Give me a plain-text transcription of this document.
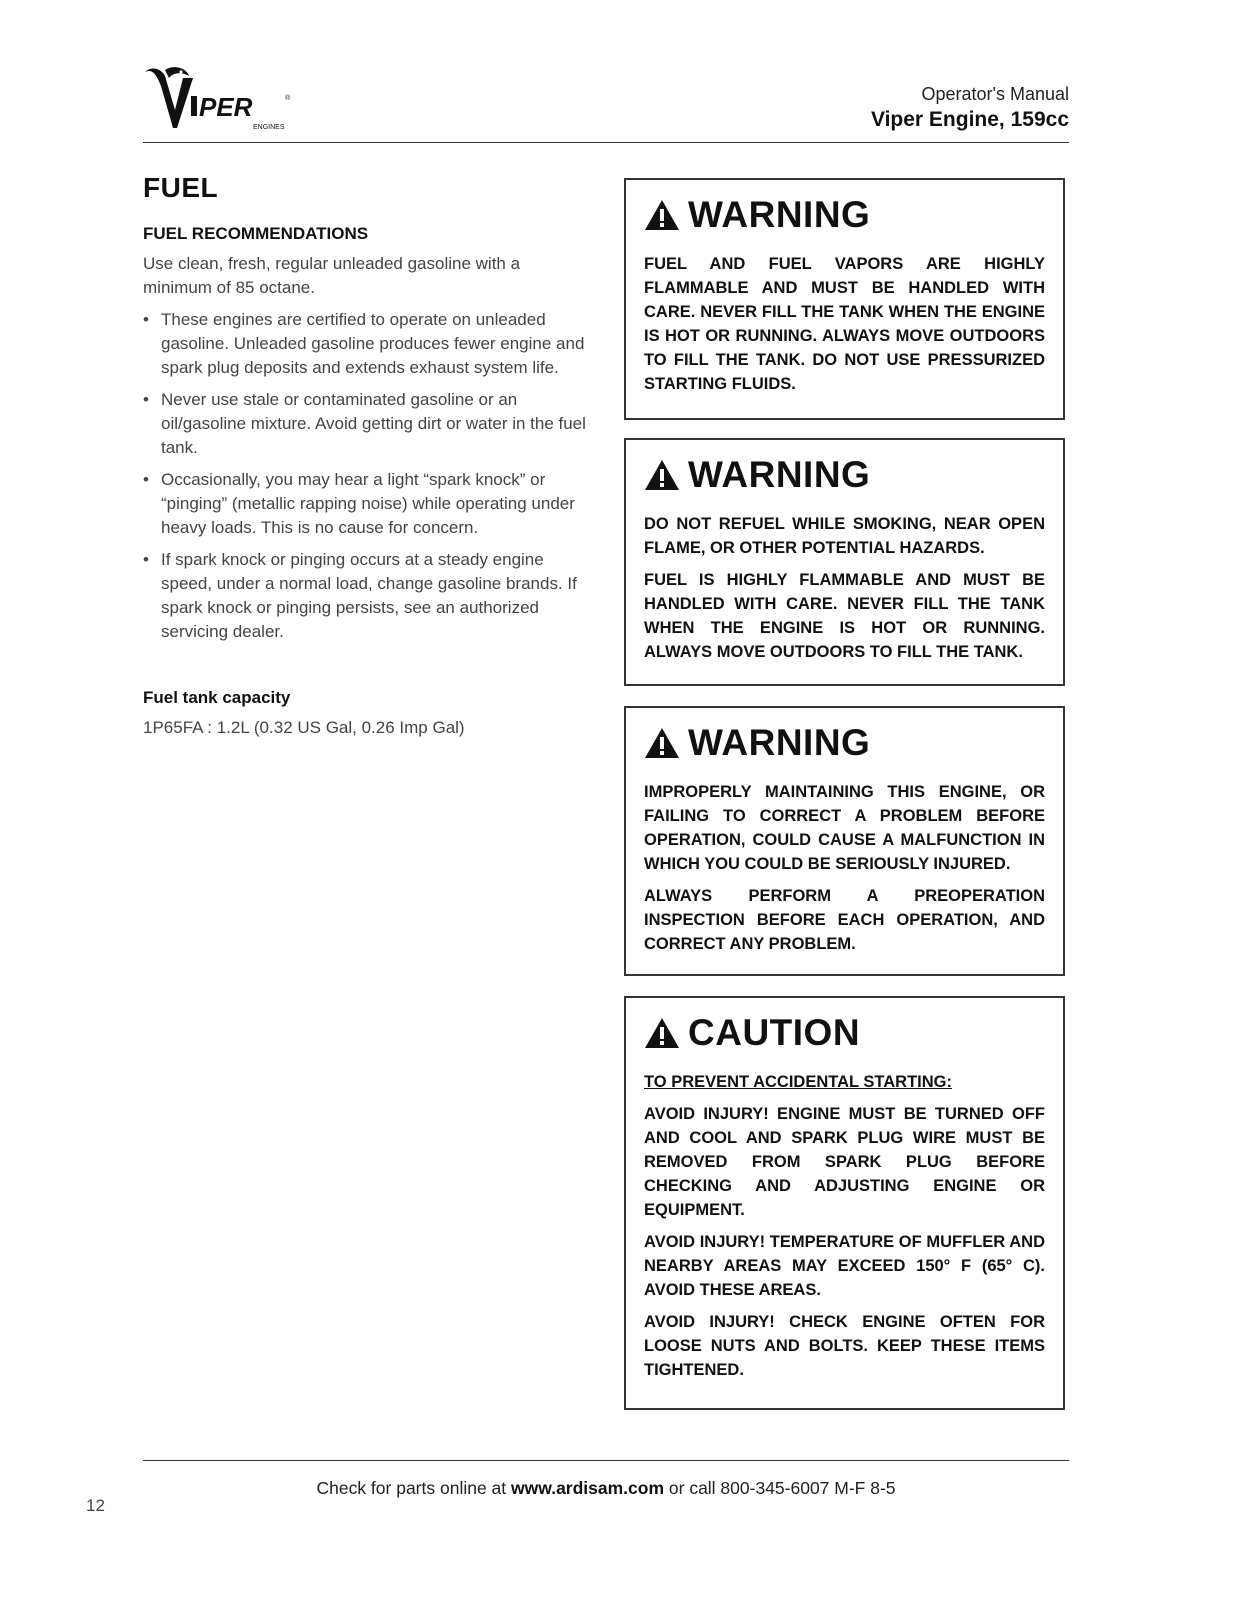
PER
ENGINES
®	Operator's Manual
Viper Engine, 159cc
FUEL
FUEL RECOMMENDATIONS
Use clean, fresh, regular unleaded gasoline with a minimum of 85 octane.
• These engines are certified to operate on unleaded gasoline. Unleaded gasoline produces fewer engine and spark plug deposits and extends exhaust system life.
• Never use stale or contaminated gasoline or an oil/gasoline mixture. Avoid getting dirt or water in the fuel tank.
• Occasionally, you may hear a light “spark knock” or “pinging” (metallic rapping noise) while operating under heavy loads. This is no cause for concern.
• If spark knock or pinging occurs at a steady engine speed, under a normal load, change gasoline brands. If spark knock or pinging persists, see an authorized servicing dealer.
Fuel tank capacity
1P65FA : 1.2L (0.32 US Gal, 0.26 Imp Gal)
WARNING

FUEL AND FUEL VAPORS ARE HIGHLY FLAMMABLE AND MUST BE HANDLED WITH CARE. NEVER FILL THE TANK WHEN THE ENGINE IS HOT OR RUNNING. ALWAYS MOVE OUTDOORS TO FILL THE TANK. DO NOT USE PRESSURIZED STARTING FLUIDS.

WARNING

DO NOT REFUEL WHILE SMOKING, NEAR OPEN FLAME, OR OTHER POTENTIAL HAZARDS.

FUEL IS HIGHLY FLAMMABLE AND MUST BE HANDLED WITH CARE. NEVER FILL THE TANK WHEN THE ENGINE IS HOT OR RUNNING. ALWAYS MOVE OUTDOORS TO FILL THE TANK.

WARNING

IMPROPERLY MAINTAINING THIS ENGINE, OR FAILING TO CORRECT A PROBLEM BEFORE OPERATION, COULD CAUSE A MALFUNCTION IN WHICH YOU COULD BE SERIOUSLY INJURED.

ALWAYS PERFORM A PREOPERATION INSPECTION BEFORE EACH OPERATION, AND CORRECT ANY PROBLEM.

CAUTION

TO PREVENT ACCIDENTAL STARTING:

AVOID INJURY! ENGINE MUST BE TURNED OFF AND COOL AND SPARK PLUG WIRE MUST BE REMOVED FROM SPARK PLUG BEFORE CHECKING AND ADJUSTING ENGINE OR EQUIPMENT.

AVOID INJURY! TEMPERATURE OF MUFFLER AND NEARBY AREAS MAY EXCEED 150° F (65° C). AVOID THESE AREAS.

AVOID INJURY! CHECK ENGINE OFTEN FOR LOOSE NUTS AND BOLTS. KEEP THESE ITEMS TIGHTENED.

Check for parts online at www.ardisam.com or call 800-345-6007 M-F 8-5
12
